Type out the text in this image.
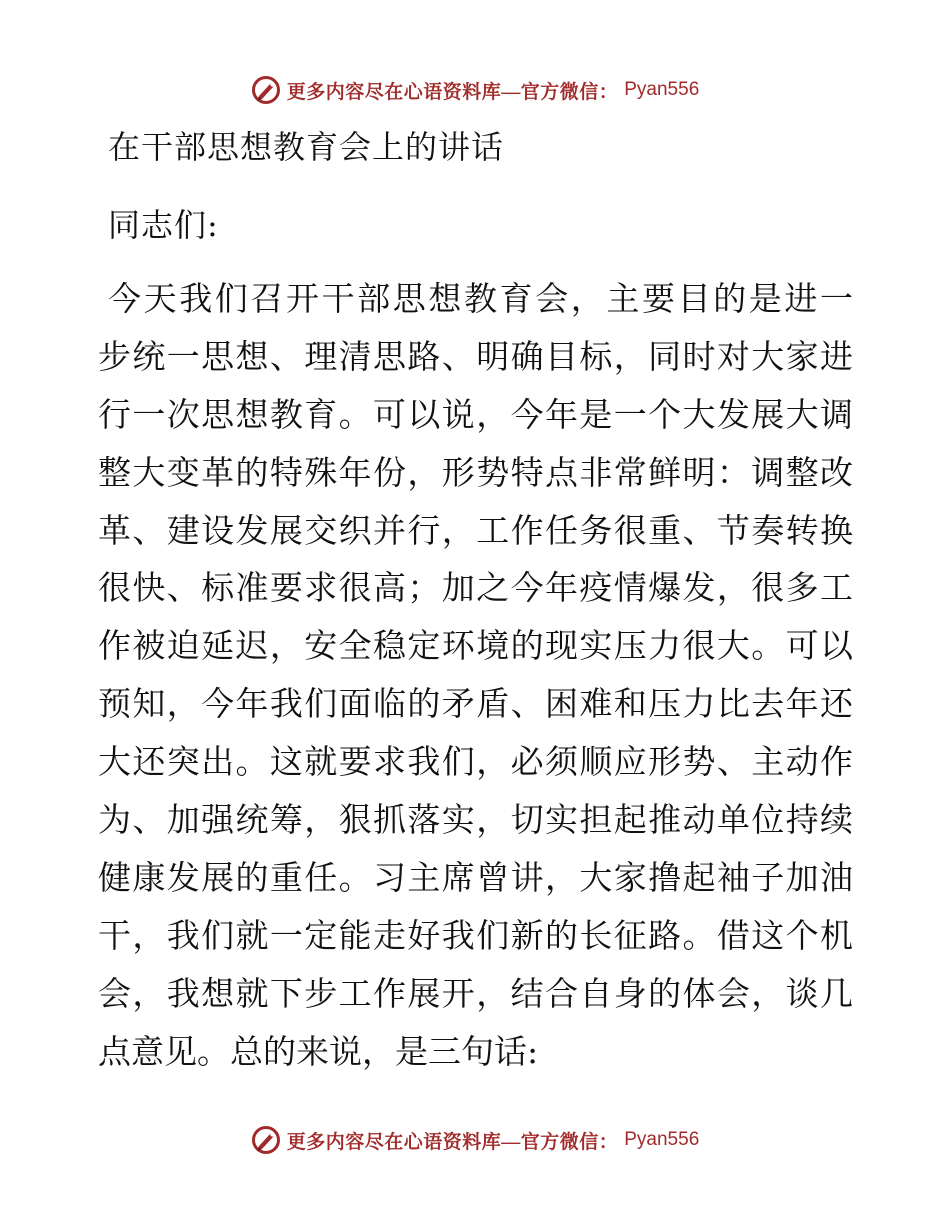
更多内容尽在心语资料库—官方微信： Pyan556
在干部思想教育会上的讲话
同志们:
今天我们召开干部思想教育会，主要目的是进一
步统一思想、理清思路、明确目标，同时对大家进
行一次思想教育。可以说，今年是一个大发展大调
整大变革的特殊年份，形势特点非常鲜明：调整改
革、建设发展交织并行，工作任务很重、节奏转换
很快、标准要求很高；加之今年疫情爆发，很多工
作被迫延迟，安全稳定环境的现实压力很大。可以
预知，今年我们面临的矛盾、困难和压力比去年还
大还突出。这就要求我们，必须顺应形势、主动作
为、加强统筹，狠抓落实，切实担起推动单位持续
健康发展的重任。习主席曾讲，大家撸起袖子加油
干，我们就一定能走好我们新的长征路。借这个机
会，我想就下步工作展开，结合自身的体会，谈几
点意见。总的来说，是三句话:
更多内容尽在心语资料库—官方微信： Pyan556
